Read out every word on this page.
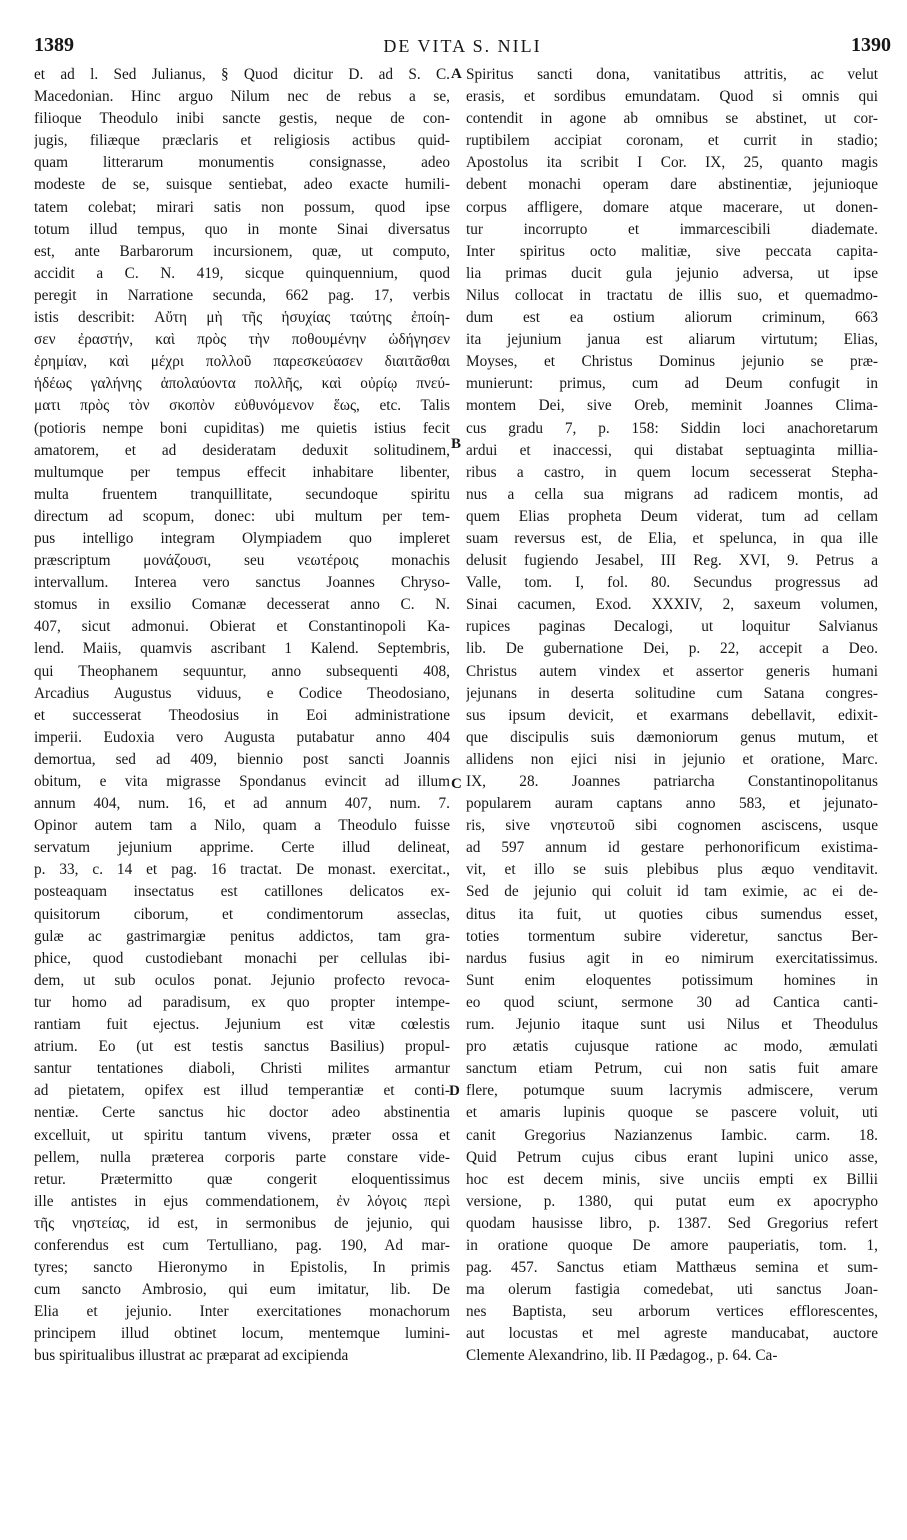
1389	DE VITA S. NILI	1390
et ad l. Sed Julianus, § Quod dicitur D. ad S. C.
Macedonian. Hinc arguo Nilum nec de rebus a se,
filioque Theodulo inibi sancte gestis, neque de con-
jugis, filiæque præclaris et religiosis actibus quid-
quam litterarum monumentis consignasse, adeo
modeste de se, suisque sentiebat, adeo exacte humili-
tatem colebat; mirari satis non possum, quod ipse
totum illud tempus, quo in monte Sinai diversatus
est, ante Barbarorum incursionem, quæ, ut computo,
accidit a C. N. 419, sicque quinquennium, quod
peregit in Narratione secunda, 662 pag. 17, verbis
istis describit: Αὔτη μὴ τῆς ἡσυχίας ταύτης ἐποίη-
σεν ἐραστήν, καὶ πρὸς τὴν ποθουμένην ὡδήγησεν
ἐρημίαν, καὶ μέχρι πολλοῦ παρεσκεύασεν διαιτᾶσθαι
ἡδέως γαλήνης ἀπολαύοντα πολλῆς, καὶ οὐρίῳ πνεύ-
ματι πρὸς τὸν σκοπὸν εὐθυνόμενον ἕως, etc. Talis
(potioris nempe boni cupiditas) me quietis istius fecit
amatorem, et ad desideratam deduxit solitudinem,
multumque per tempus effecit inhabitare libenter,
multa fruentem tranquillitate, secundoque spiritu
directum ad scopum, donec: ubi multum per tem-
pus intelligo integram Olympiadem quo impleret
præscriptum μονάζουσι, seu νεωτέροις monachis
intervallum. Interea vero sanctus Joannes Chryso-
stomus in exsilio Comanæ decesserat anno C. N.
407, sicut admonui. Obierat et Constantinopoli Ka-
lend. Maiis, quamvis ascribant 1 Kalend. Septembris,
qui Theophanem sequuntur, anno subsequenti 408,
Arcadius Augustus viduus, e Codice Theodosiano,
et successerat Theodosius in Eoi administratione
imperii. Eudoxia vero Augusta putabatur anno 404
demortua, sed ad 409, biennio post sancti Joannis
obitum, e vita migrasse Spondanus evincit ad illum
annum 404, num. 16, et ad annum 407, num. 7.
Opinor autem tam a Nilo, quam a Theodulo fuisse
servatum jejunium apprime. Certe illud delineat,
p. 33, c. 14 et pag. 16 tractat. De monast. exercitat.,
posteaquam insectatus est catillones delicatos ex-
quisitorum ciborum, et condimentorum asseclas,
gulæ ac gastrimargiæ penitus addictos, tam gra-
phice, quod custodiebant monachi per cellulas ibi-
dem, ut sub oculos ponat. Jejunio profecto revoca-
tur homo ad paradisum, ex quo propter intempe-
rantiam fuit ejectus. Jejunium est vitæ cœlestis
atrium. Eo (ut est testis sanctus Basilius) propul-
santur tentationes diaboli, Christi milites armantur
ad pietatem, opifex est illud temperantiæ et conti-
nentiæ. Certe sanctus hic doctor adeo abstinentia
excelluit, ut spiritu tantum vivens, præter ossa et
pellem, nulla præterea corporis parte constare vide-
retur. Prætermitto quæ congerit eloquentissimus
ille antistes in ejus commendationem, ἐν λόγοις περὶ
τῆς νηστείας, id est, in sermonibus de jejunio, qui
conferendus est cum Tertulliano, pag. 190, Ad mar-
tyres; sancto Hieronymo in Epistolis, In primis
cum sancto Ambrosio, qui eum imitatur, lib. De
Elia et jejunio. Inter exercitationes monachorum
principem illud obtinet locum, mentemque lumini-
bus spiritualibus illustrat ac præparat ad excipienda
A
B
C
D
Spiritus sancti dona, vanitatibus attritis, ac velut
erasis, et sordibus emundatam. Quod si omnis qui
contendit in agone ab omnibus se abstinet, ut cor-
ruptibilem accipiat coronam, et currit in stadio;
Apostolus ita scribit I Cor. IX, 25, quanto magis
debent monachi operam dare abstinentiæ, jejunioque
corpus affligere, domare atque macerare, ut donen-
tur incorrupto et immarcescibili diademate.
Inter spiritus octo malitiæ, sive peccata capita-
lia primas ducit gula jejunio adversa, ut ipse
Nilus collocat in tractatu de illis suo, et quemadmo-
dum est ea ostium aliorum criminum, 663
ita jejunium janua est aliarum virtutum; Elias,
Moyses, et Christus Dominus jejunio se præ-
munierunt: primus, cum ad Deum confugit in
montem Dei, sive Oreb, meminit Joannes Clima-
cus gradu 7, p. 158: Siddin loci anachoretarum
ardui et inaccessi, qui distabat septuaginta millia-
ribus a castro, in quem locum secesserat Stepha-
nus a cella sua migrans ad radicem montis, ad
quem Elias propheta Deum viderat, tum ad cellam
suam reversus est, de Elia, et spelunca, in qua ille
delusit fugiendo Jesabel, III Reg. XVI, 9. Petrus a
Valle, tom. I, fol. 80. Secundus progressus ad
Sinai cacumen, Exod. XXXIV, 2, saxeum volumen,
rupices paginas Decalogi, ut loquitur Salvianus
lib. De gubernatione Dei, p. 22, accepit a Deo.
Christus autem vindex et assertor generis humani
jejunans in deserta solitudine cum Satana congres-
sus ipsum devicit, et exarmans debellavit, edixit-
que discipulis suis dæmoniorum genus mutum, et
allidens non ejici nisi in jejunio et oratione, Marc.
IX, 28. Joannes patriarcha Constantinopolitanus
popularem auram captans anno 583, et jejunato-
ris, sive νηστευτοῦ sibi cognomen asciscens, usque
ad 597 annum id gestare perhonorificum existima-
vit, et illo se suis plebibus plus æquo venditavit.
Sed de jejunio qui coluit id tam eximie, ac ei de-
ditus ita fuit, ut quoties cibus sumendus esset,
toties tormentum subire videretur, sanctus Ber-
nardus fusius agit in eo nimirum exercitatissimus.
Sunt enim eloquentes potissimum homines in
eo quod sciunt, sermone 30 ad Cantica canti-
rum. Jejunio itaque sunt usi Nilus et Theodulus
pro ætatis cujusque ratione ac modo, æmulati
sanctum etiam Petrum, cui non satis fuit amare
flere, potumque suum lacrymis admiscere, verum
et amaris lupinis quoque se pascere voluit, uti
canit Gregorius Nazianzenus Iambic. carm. 18.
Quid Petrum cujus cibus erant lupini unico asse,
hoc est decem minis, sive unciis empti ex Billii
versione, p. 1380, qui putat eum ex apocrypho
quodam hausisse libro, p. 1387. Sed Gregorius refert
in oratione quoque De amore pauperiatis, tom. 1,
pag. 457. Sanctus etiam Matthæus semina et sum-
ma olerum fastigia comedebat, uti sanctus Joan-
nes Baptista, seu arborum vertices efflorescentes,
aut locustas et mel agreste manducabat, auctore
Clemente Alexandrino, lib. II Pædagog., p. 64. Ca-
